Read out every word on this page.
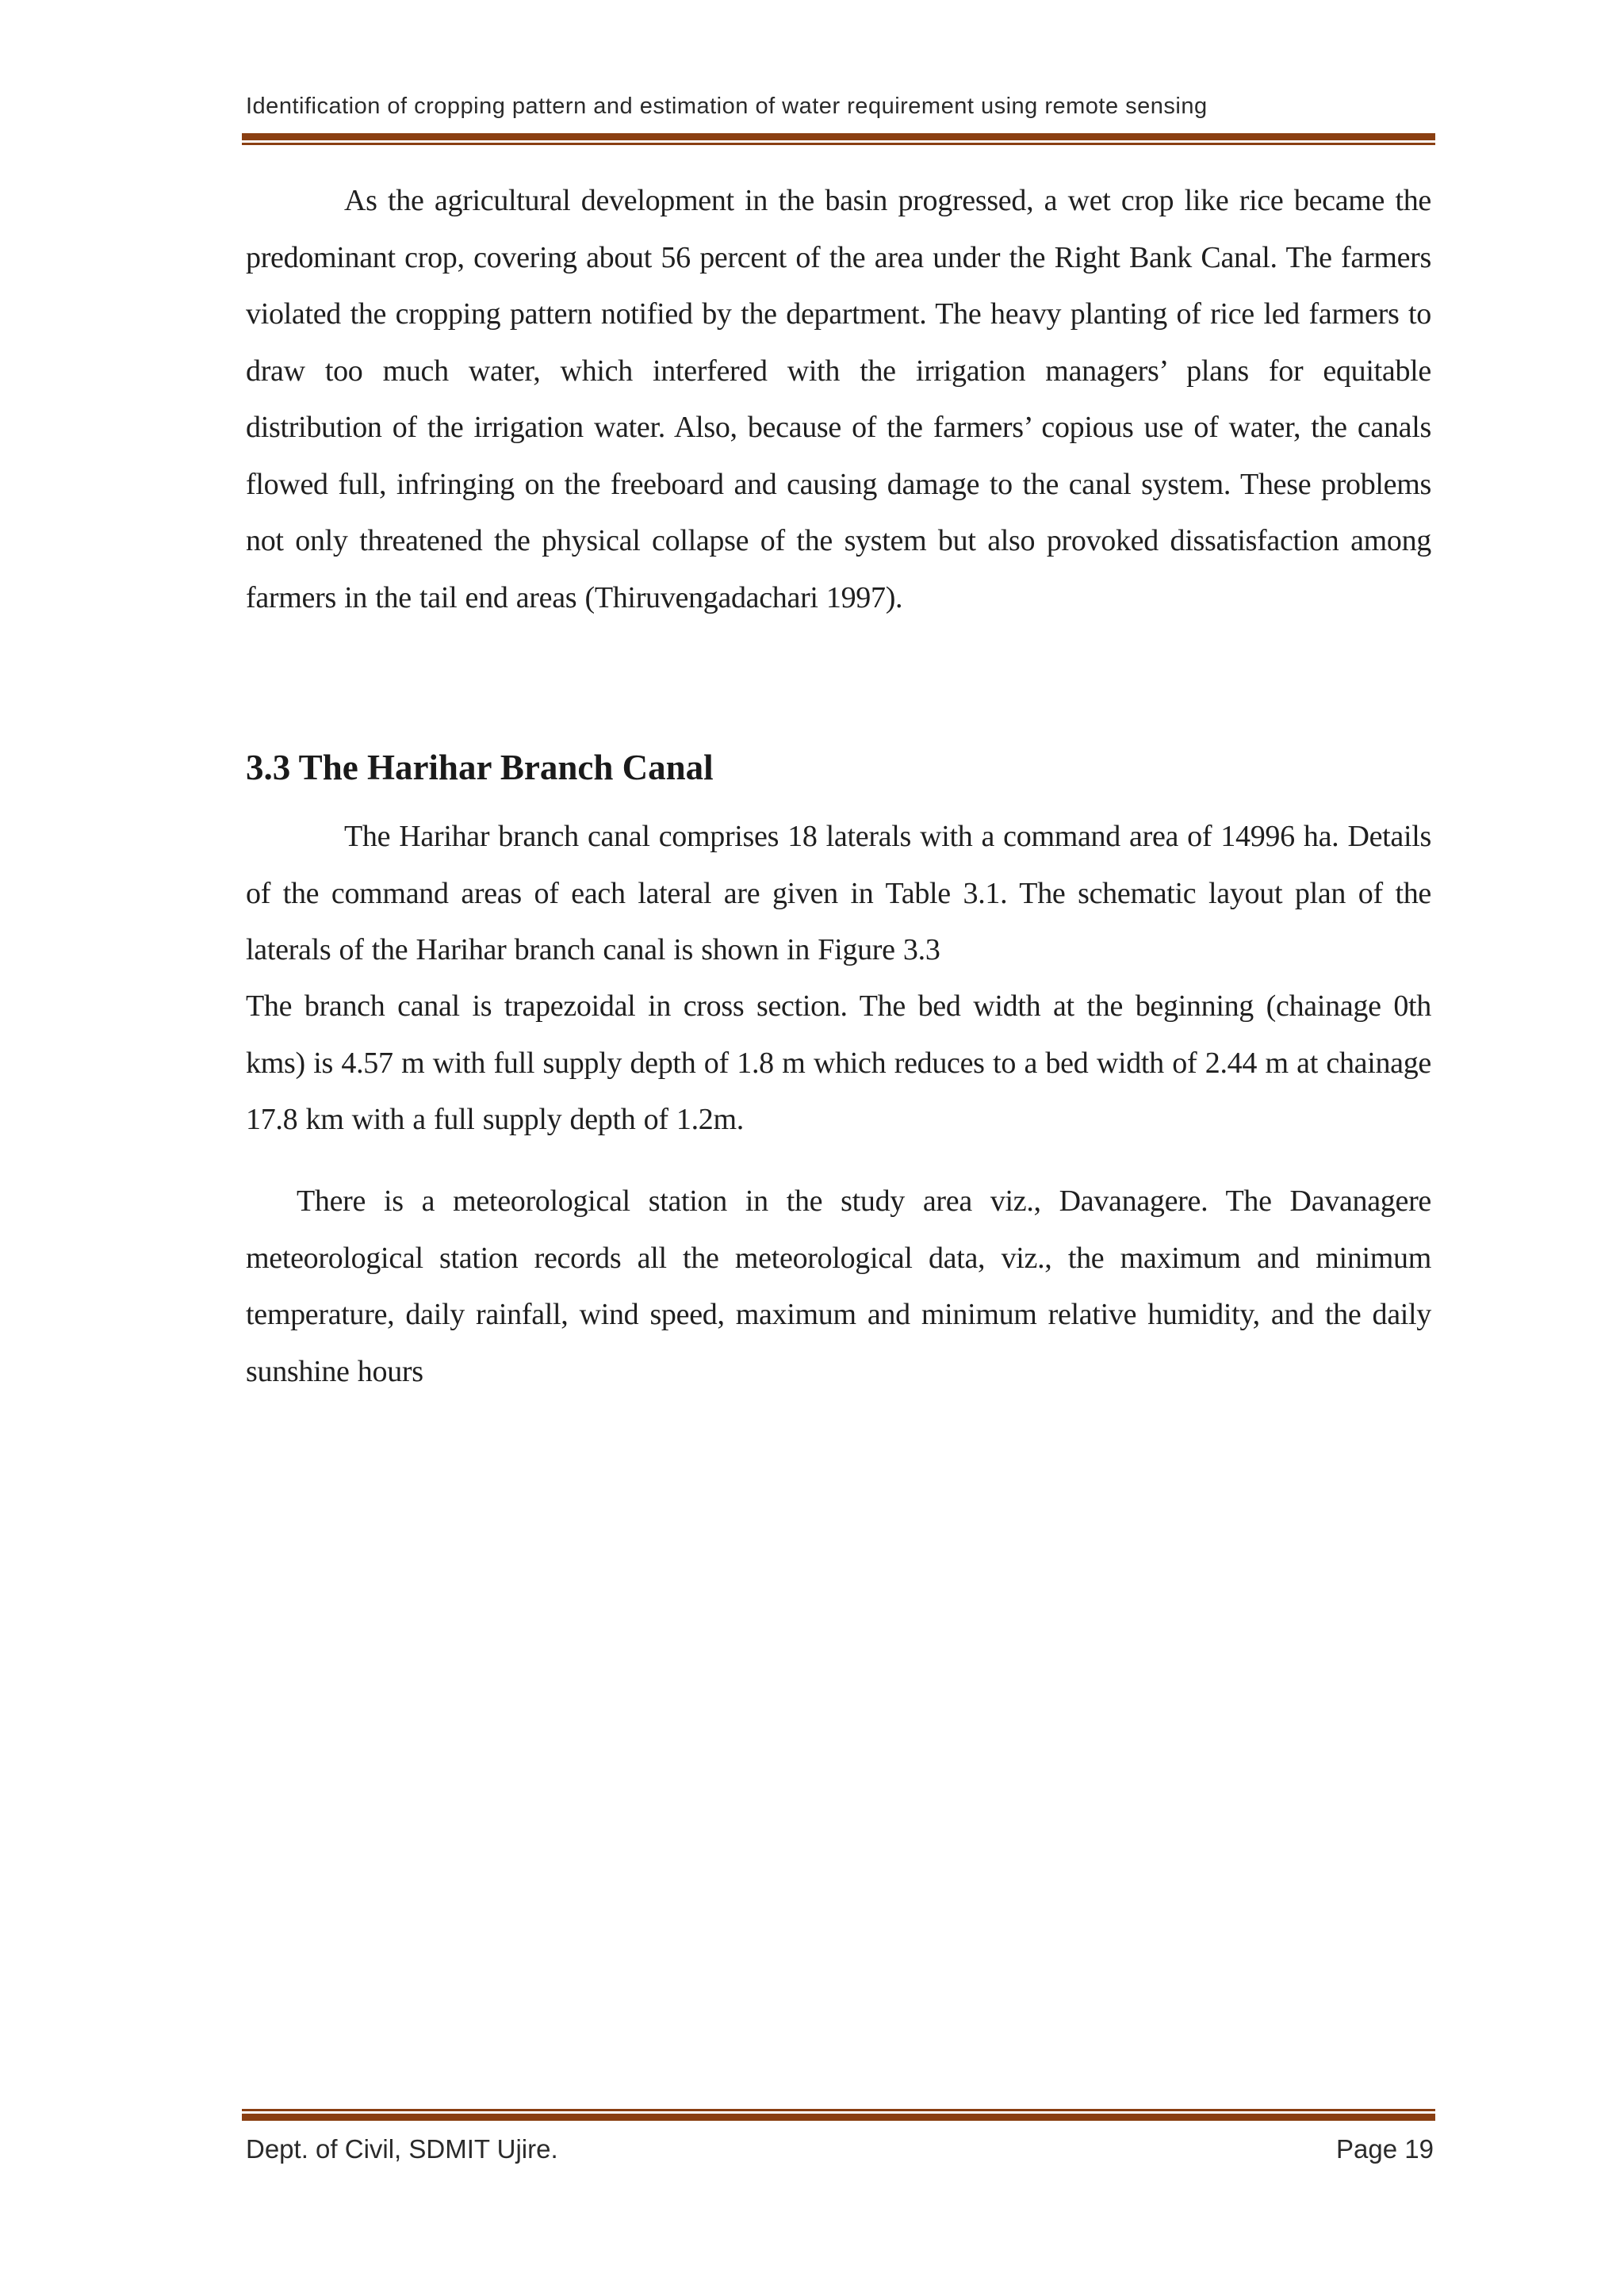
Identification of cropping pattern and estimation of water requirement using remote sensing
As the agricultural development in the basin progressed, a wet crop like rice became the predominant crop, covering about 56 percent of the area under the Right Bank Canal. The farmers violated the cropping pattern notified by the department. The heavy planting of rice led farmers to draw too much water, which interfered with the irrigation managers’ plans for equitable distribution of the irrigation water. Also, because of the farmers’ copious use of water, the canals flowed full, infringing on the freeboard and causing damage to the canal system. These problems not only threatened the physical collapse of the system but also provoked dissatisfaction among farmers in the tail end areas (Thiruvengadachari 1997).
3.3 The Harihar Branch Canal
The Harihar branch canal comprises 18 laterals with a command area of 14996 ha. Details of the command areas of each lateral are given in Table 3.1. The schematic layout plan of the laterals of the Harihar branch canal is shown in Figure 3.3
The branch canal is trapezoidal in cross section. The bed width at the beginning (chainage 0th kms) is 4.57 m with full supply depth of 1.8 m which reduces to a bed width of 2.44 m at chainage 17.8 km with a full supply depth of 1.2m.
There is a meteorological station in the study area viz., Davanagere. The Davanagere meteorological station records all the meteorological data, viz., the maximum and minimum temperature, daily rainfall, wind speed, maximum and minimum relative humidity, and the daily sunshine hours
Dept. of Civil, SDMIT Ujire.	Page 19
